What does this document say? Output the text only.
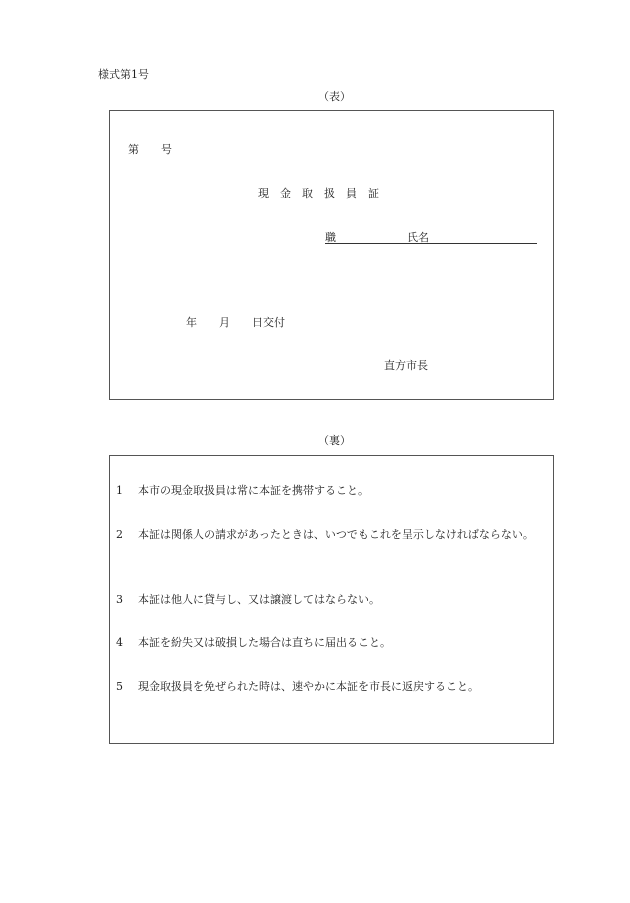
様式第1号
（表）
第　　号
現　金　取　扱　員　証
職	氏名
年　　月　　日交付
直方市長
（裏）
1 本市の現金取扱員は常に本証を携帯すること。
2 本証は関係人の請求があったときは、いつでもこれを呈示しなければならない。
3 本証は他人に貸与し、又は譲渡してはならない。
4 本証を紛失又は破損した場合は直ちに届出ること。
5 現金取扱員を免ぜられた時は、速やかに本証を市長に返戻すること。
